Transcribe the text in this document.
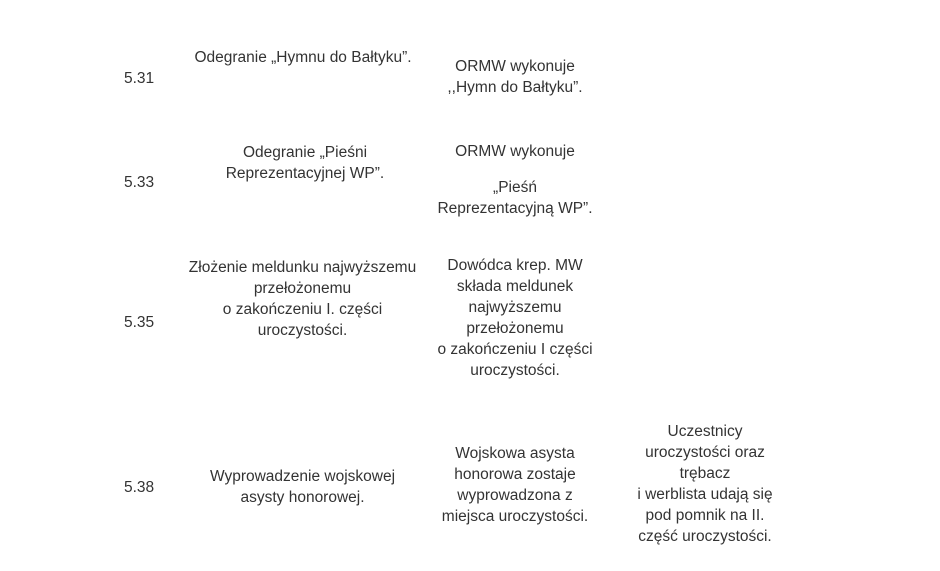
5.31
Odegranie „Hymnu do Bałtyku”.
ORMW wykonuje
,,Hymn do Bałtyku”.
5.33
Odegranie „Pieśni
Reprezentacyjnej WP”.
ORMW wykonuje
„Pieśń
Reprezentacyjną WP”.
5.35
Złożenie meldunku najwyższemu
przełożonemu
o zakończeniu I. części
uroczystości.
Dowódca krep. MW
składa meldunek
najwyższemu
przełożonemu
o zakończeniu I części
uroczystości.
5.38
Wyprowadzenie wojskowej
asysty honorowej.
Wojskowa asysta
honorowa zostaje
wyprowadzona z
miejsca uroczystości.
Uczestnicy
uroczystości oraz
trębacz
i werblista udają się
pod pomnik na II.
część uroczystości.
